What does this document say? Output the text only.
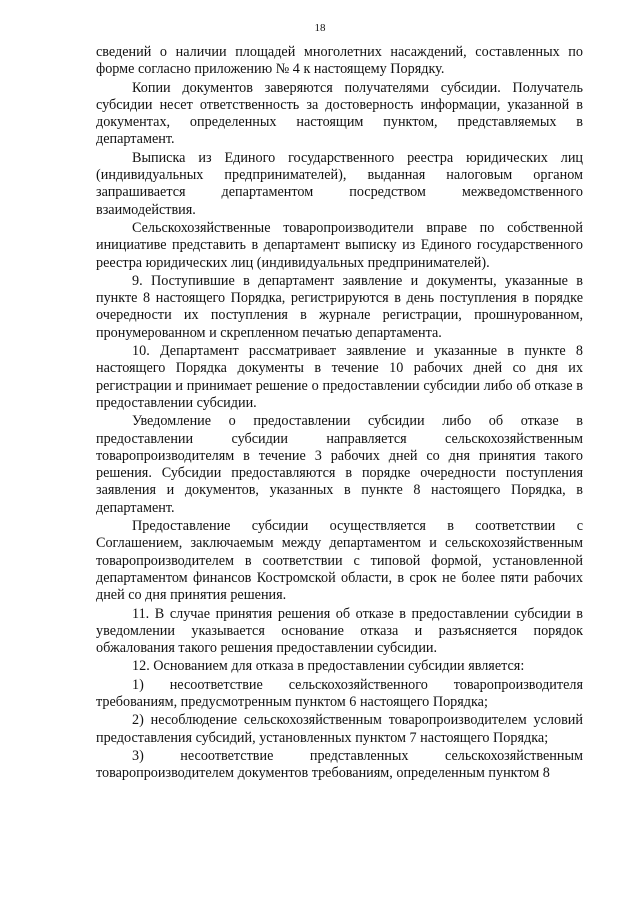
18

сведений о наличии площадей многолетних насаждений, составленных по форме согласно приложению № 4 к настоящему Порядку.

Копии документов заверяются получателями субсидии. Получатель субсидии несет ответственность за достоверность информации, указанной в документах, определенных настоящим пунктом, представляемых в департамент.

Выписка из Единого государственного реестра юридических лиц (индивидуальных предпринимателей), выданная налоговым органом запрашивается департаментом посредством межведомственного взаимодействия.

Сельскохозяйственные товаропроизводители вправе по собственной инициативе представить в департамент выписку из Единого государственного реестра юридических лиц (индивидуальных предпринимателей).

9. Поступившие в департамент заявление и документы, указанные в пункте 8 настоящего Порядка, регистрируются в день поступления в порядке очередности их поступления в журнале регистрации, прошнурованном, пронумерованном и скрепленном печатью департамента.

10. Департамент рассматривает заявление и указанные в пункте 8 настоящего Порядка документы в течение 10 рабочих дней со дня их регистрации и принимает решение о предоставлении субсидии либо об отказе в предоставлении субсидии.

Уведомление о предоставлении субсидии либо об отказе в предоставлении субсидии направляется сельскохозяйственным товаропроизводителям в течение 3 рабочих дней со дня принятия такого решения. Субсидии предоставляются в порядке очередности поступления заявления и документов, указанных в пункте 8 настоящего Порядка, в департамент.

Предоставление субсидии осуществляется в соответствии с Соглашением, заключаемым между департаментом и сельскохозяйственным товаропроизводителем в соответствии с типовой формой, установленной департаментом финансов Костромской области, в срок не более пяти рабочих дней со дня принятия решения.

11. В случае принятия решения об отказе в предоставлении субсидии в уведомлении указывается основание отказа и разъясняется порядок обжалования такого решения предоставлении субсидии.

12. Основанием для отказа в предоставлении субсидии является:

1) несоответствие сельскохозяйственного товаропроизводителя требованиям, предусмотренным пунктом 6 настоящего Порядка;

2) несоблюдение сельскохозяйственным товаропроизводителем условий предоставления субсидий, установленных пунктом 7 настоящего Порядка;

3) несоответствие представленных сельскохозяйственным товаропроизводителем документов требованиям, определенным пунктом 8
